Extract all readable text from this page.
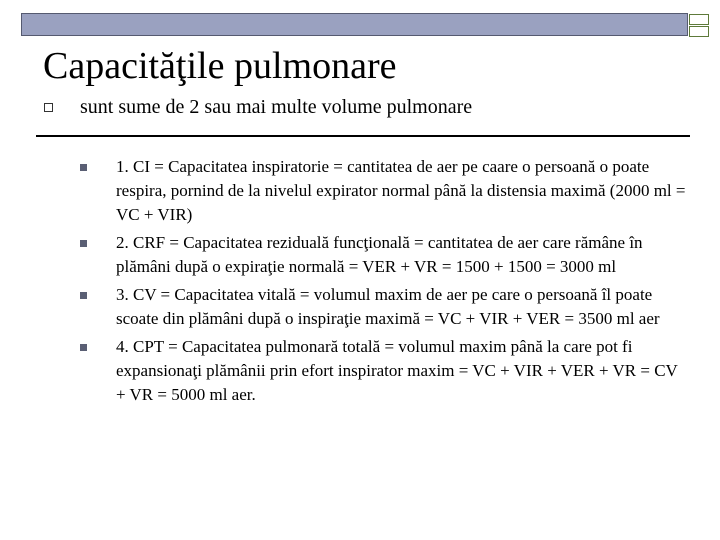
Capacităţile pulmonare
sunt sume de 2 sau mai multe volume pulmonare
1. CI = Capacitatea inspiratorie = cantitatea de aer pe caare o persoană o poate respira, pornind de la nivelul expirator normal până la distensia maximă (2000 ml = VC + VIR)
2. CRF = Capacitatea reziduală funcţională = cantitatea de aer care rămâne în plămâni după o expiraţie normală = VER + VR = 1500 + 1500 = 3000 ml
3. CV = Capacitatea vitală = volumul maxim de aer pe care o persoană îl poate scoate din plămâni după o inspiraţie maximă = VC + VIR + VER = 3500 ml aer
4. CPT = Capacitatea pulmonară totală = volumul maxim până la care pot fi expansionaţi plămânii prin efort inspirator maxim = VC + VIR + VER + VR = CV + VR = 5000 ml aer.
